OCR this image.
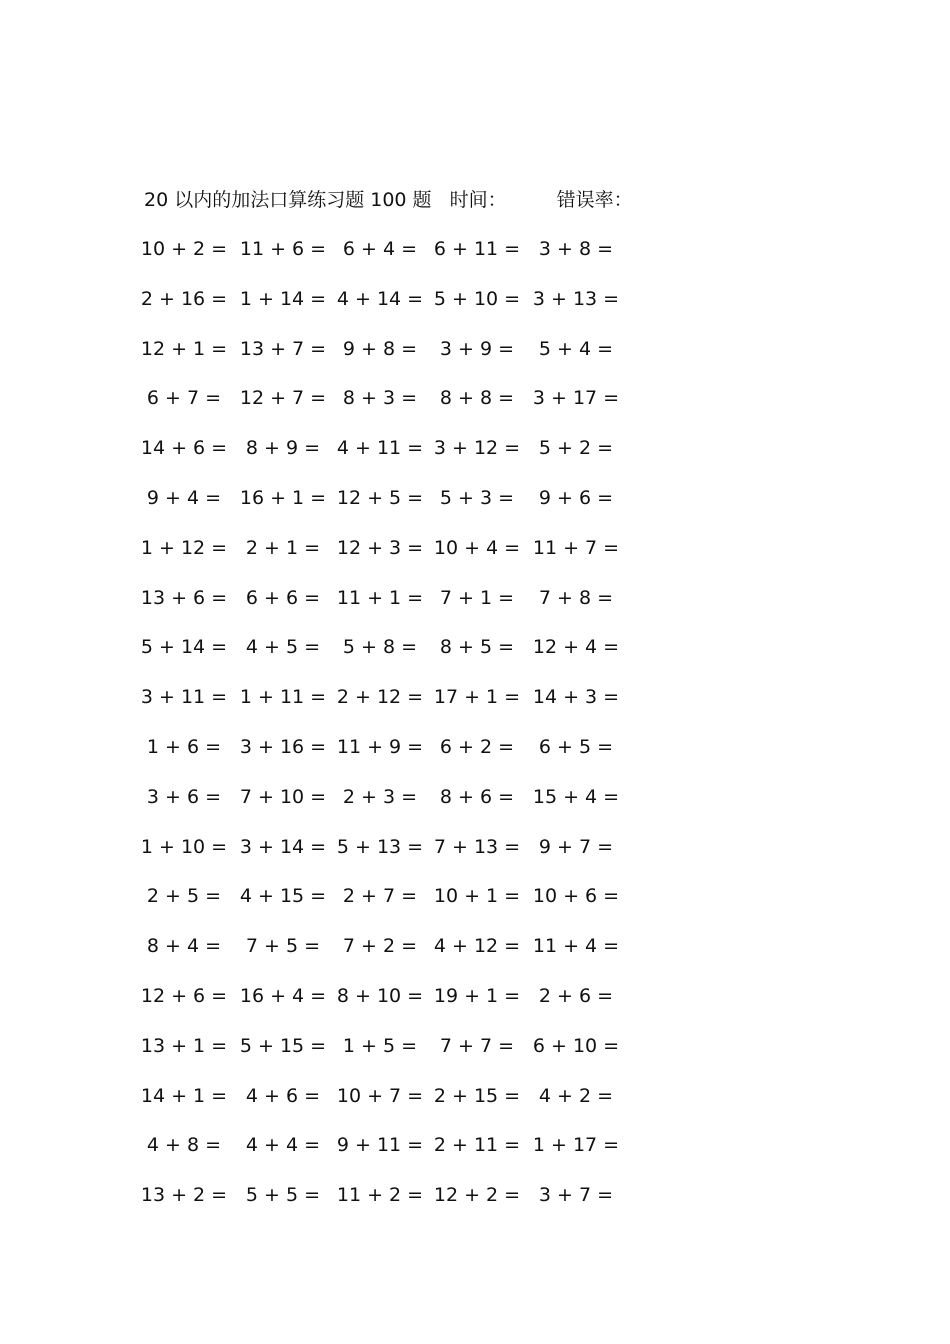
20 以内的加法口算练习题 100 题 时间：	错误率：
10 + 2 = 11 + 6 = 6 + 4 = 6 + 11 = 3 + 8 =
2 + 16 = 1 + 14 = 4 + 14 = 5 + 10 = 3 + 13 =
12 + 1 = 13 + 7 = 9 + 8 =	3 + 9 =	5 + 4 =
6 + 7 = 12 + 7 = 8 + 3 =	8 + 8 = 3 + 17 =
14 + 6 = 8 + 9 = 4 + 11 = 3 + 12 = 5 + 2 =
9 + 4 = 16 + 1 = 12 + 5 = 5 + 3 =	9 + 6 =
1 + 12 = 2 + 1 = 12 + 3 = 10 + 4 = 11 + 7 =
13 + 6 = 6 + 6 = 11 + 1 = 7 + 1 =	7 + 8 =
5 + 14 = 4 + 5 =	5 + 8 =	8 + 5 = 12 + 4 =
3 + 11 = 1 + 11 = 2 + 12 = 17 + 1 = 14 + 3 =
1 + 6 = 3 + 16 = 11 + 9 = 6 + 2 =	6 + 5 =
3 + 6 = 7 + 10 = 2 + 3 =	8 + 6 = 15 + 4 =
1 + 10 = 3 + 14 = 5 + 13 = 7 + 13 = 9 + 7 =
2 + 5 = 4 + 15 = 2 + 7 = 10 + 1 = 10 + 6 =
8 + 4 =	7 + 5 =	7 + 2 = 4 + 12 = 11 + 4 =
12 + 6 = 16 + 4 = 8 + 10 = 19 + 1 = 2 + 6 =
13 + 1 = 5 + 15 = 1 + 5 =	7 + 7 = 6 + 10 =
14 + 1 = 4 + 6 = 10 + 7 = 2 + 15 = 4 + 2 =
4 + 8 =	4 + 4 = 9 + 11 = 2 + 11 = 1 + 17 =
13 + 2 = 5 + 5 = 11 + 2 = 12 + 2 = 3 + 7 =
